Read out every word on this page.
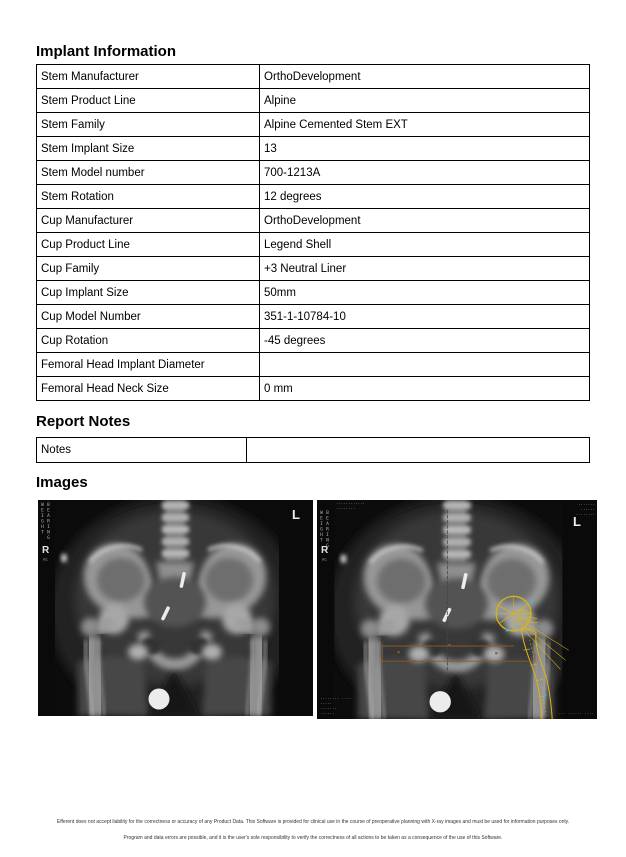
Implant Information
Stem Manufacturer	OrthoDevelopment
Stem Product Line	Alpine
Stem Family	Alpine Cemented Stem EXT
Stem Implant Size	13
Stem Model number	700-1213A
Stem Rotation	12 degrees
Cup Manufacturer	OrthoDevelopment
Cup Product Line	Legend Shell
Cup Family	+3 Neutral Liner
Cup Implant Size	50mm
Cup Model Number	351-1-10784-10
Cup Rotation	-45 degrees
Femoral Head Implant Diameter	
Femoral Head Neck Size	0 mm
Report Notes
Notes	
Images
WEIGHT BEARING
R
#c
L	WEIGHT BEARING
R
#c
L
············
········
·······
······
········
········ ····
·····
·······
······	··· ······ ····
Efferent does not accept liability for the correctness or accuracy of any Product Data. This Software is provided for clinical use in the course of preoperative planning with X-ray images and must be used for information purposes only.
Program and data errors are possible, and it is the user's sole responsibility to verify the correctness of all actions to be taken as a consequence of the use of this Software.
